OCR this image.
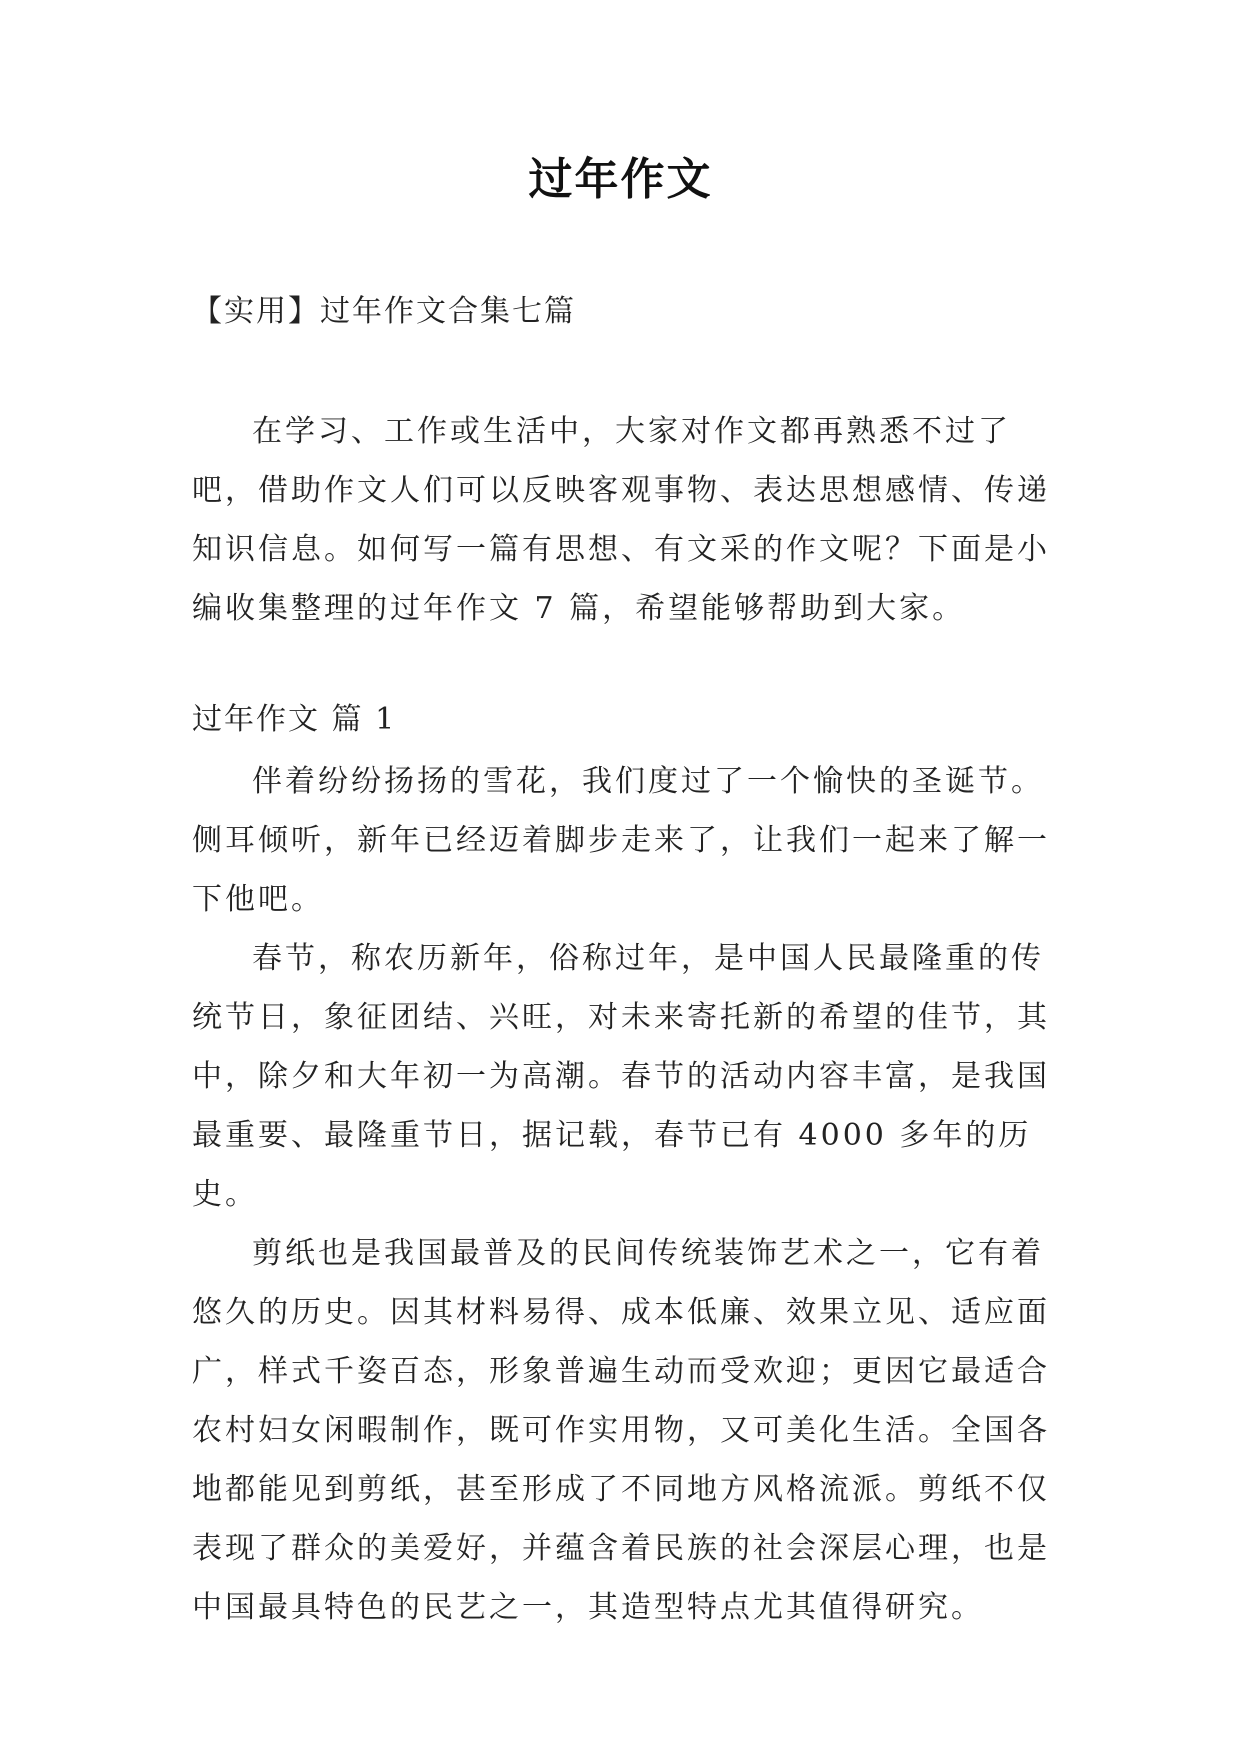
过年作文
【实用】过年作文合集七篇

在学习、工作或生活中，大家对作文都再熟悉不过了吧，借助作文人们可以反映客观事物、表达思想感情、传递知识信息。如何写一篇有思想、有文采的作文呢？下面是小编收集整理的过年作文 7 篇，希望能够帮助到大家。

过年作文 篇 1

伴着纷纷扬扬的雪花，我们度过了一个愉快的圣诞节。侧耳倾听，新年已经迈着脚步走来了，让我们一起来了解一下他吧。

春节，称农历新年，俗称过年，是中国人民最隆重的传统节日，象征团结、兴旺，对未来寄托新的希望的佳节，其中，除夕和大年初一为高潮。春节的活动内容丰富，是我国最重要、最隆重节日，据记载，春节已有 4000 多年的历史。

剪纸也是我国最普及的民间传统装饰艺术之一，它有着悠久的历史。因其材料易得、成本低廉、效果立见、适应面广，样式千姿百态，形象普遍生动而受欢迎；更因它最适合农村妇女闲暇制作，既可作实用物，又可美化生活。全国各地都能见到剪纸，甚至形成了不同地方风格流派。剪纸不仅表现了群众的美爱好，并蕴含着民族的社会深层心理，也是中国最具特色的民艺之一，其造型特点尤其值得研究。
